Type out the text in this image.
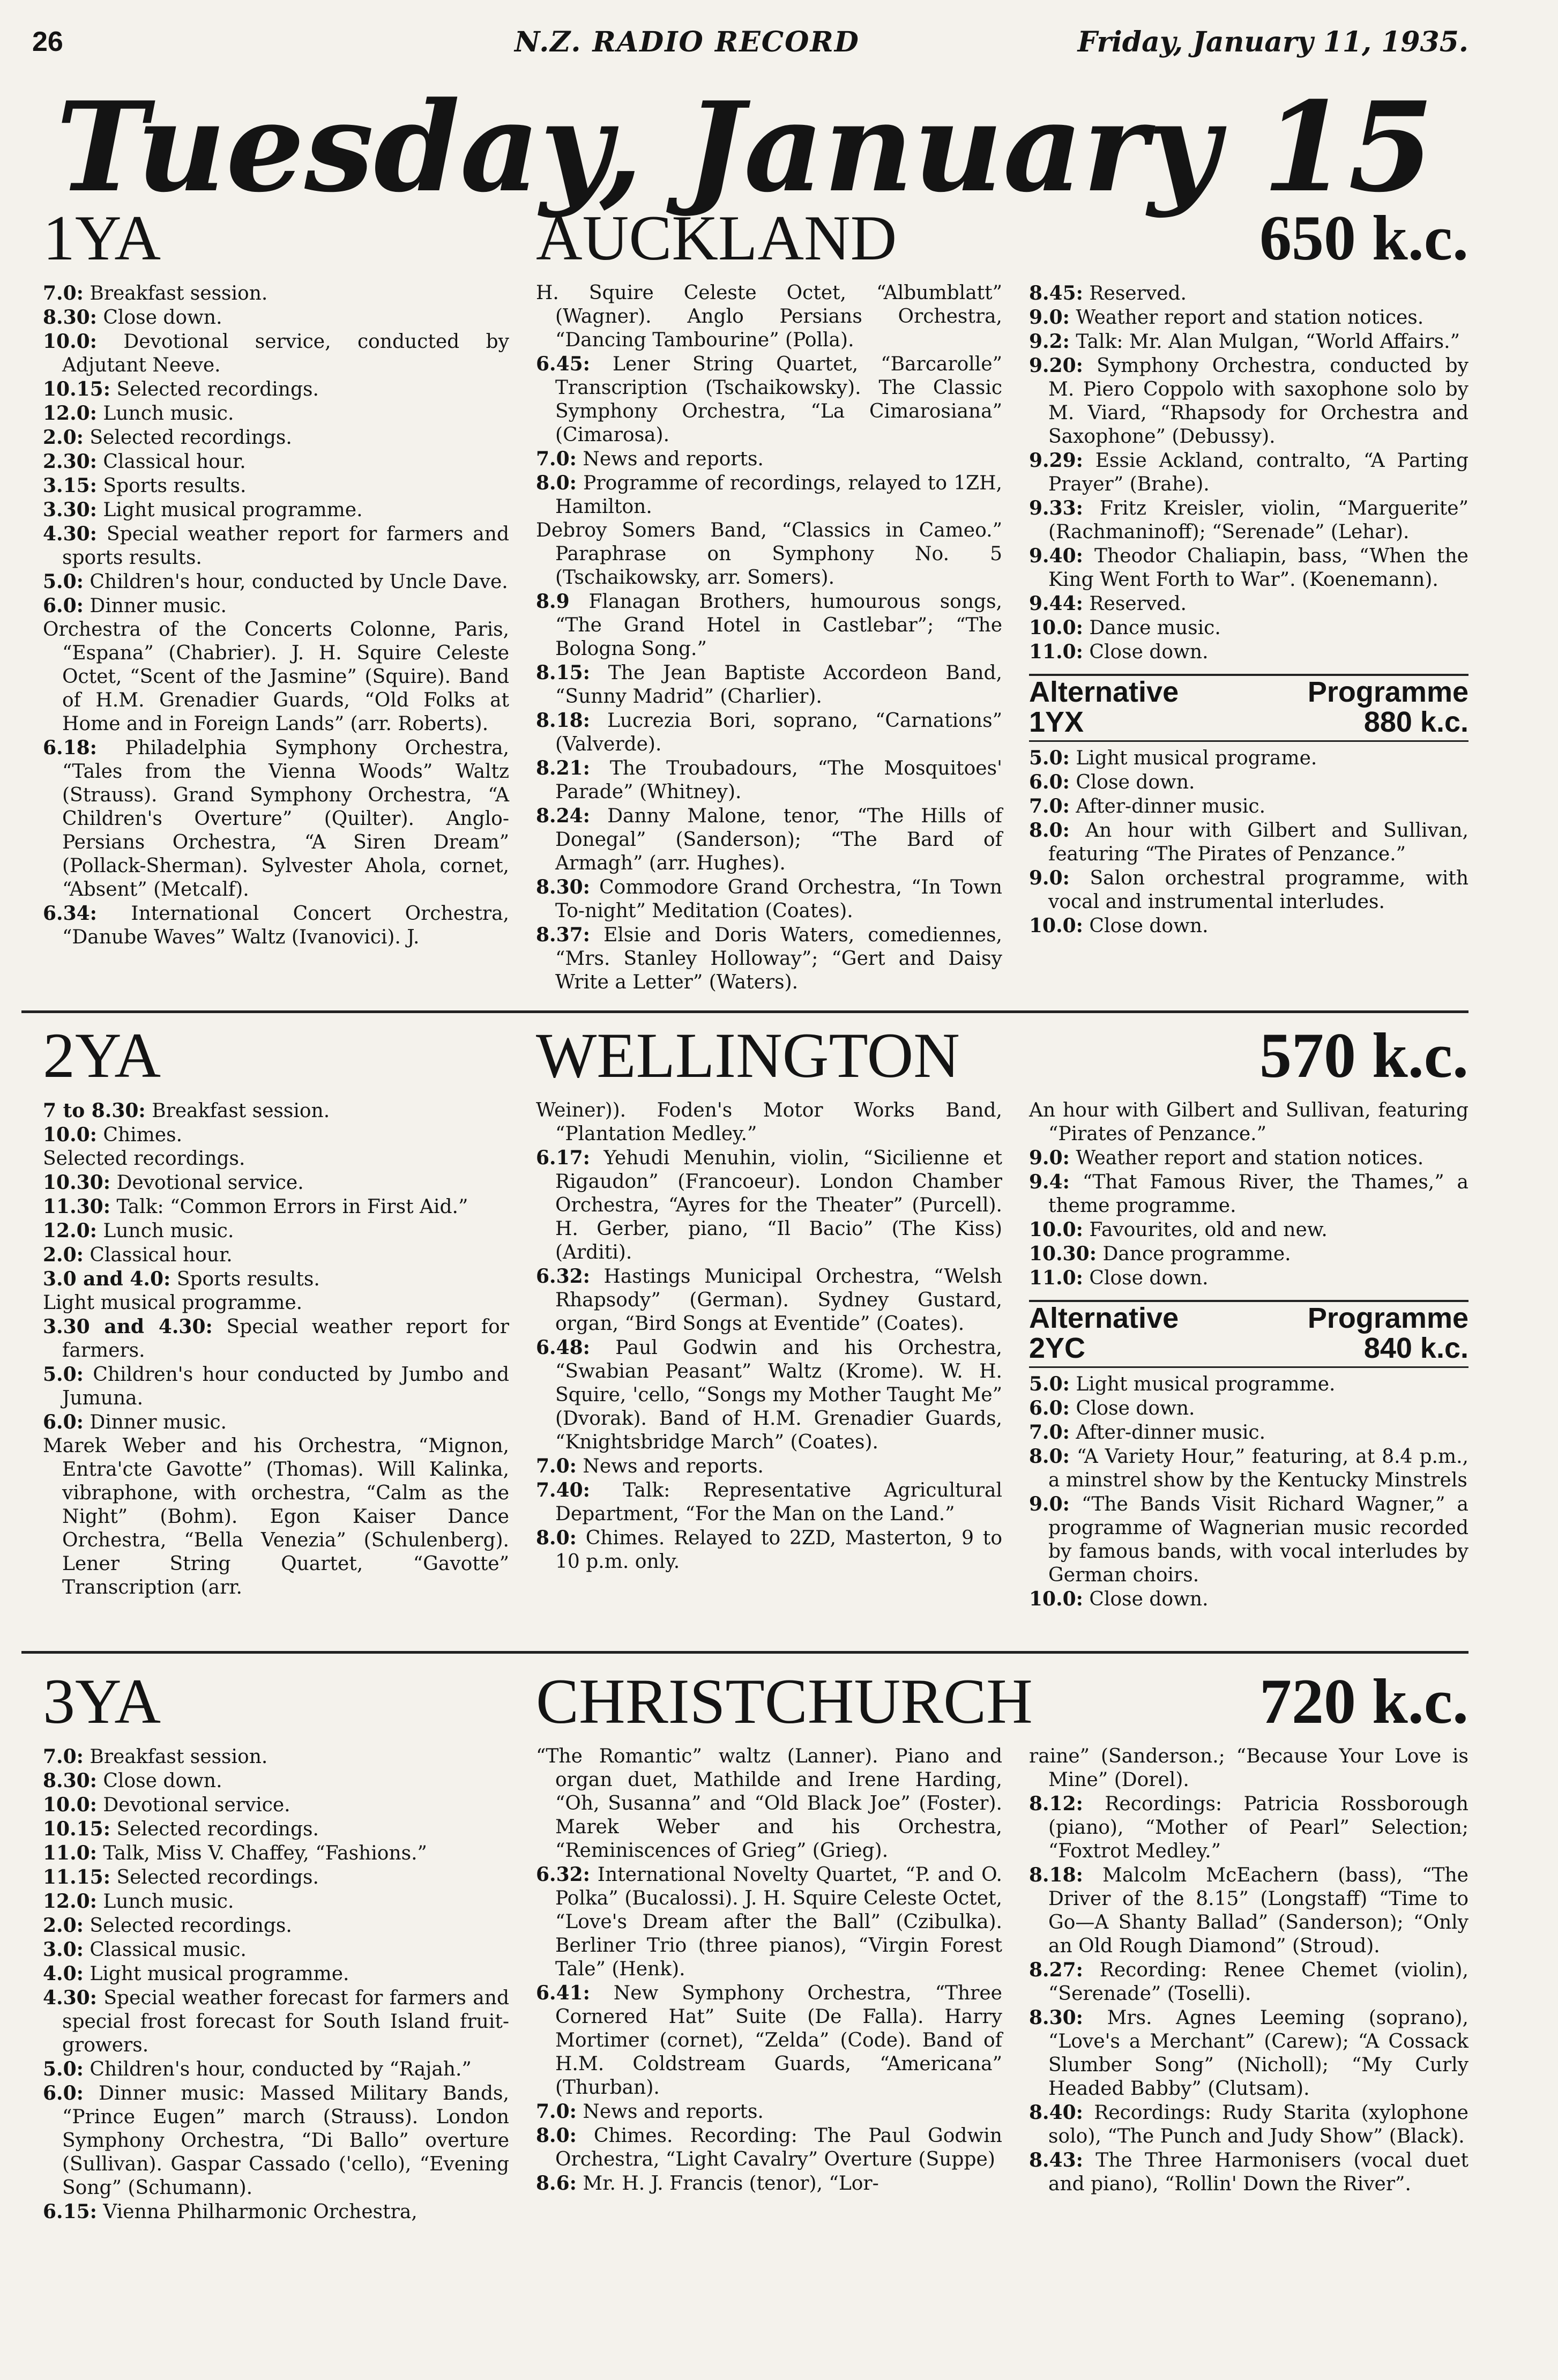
26	N.Z. RADIO RECORD	Friday, January 11, 1935.
Tuesday, January 15
1YA	AUCKLAND	650 k.c.

7.0: Breakfast session.

8.30: Close down.

10.0: Devotional service, conducted by Adjutant Neeve.

10.15: Selected recordings.

12.0: Lunch music.

2.0: Selected recordings.

2.30: Classical hour.

3.15: Sports results.

3.30: Light musical programme.

4.30: Special weather report for farmers and sports results.

5.0: Children's hour, conducted by Uncle Dave.

6.0: Dinner music.

Orchestra of the Concerts Colonne, Paris, “Espana” (Chabrier). J. H. Squire Celeste Octet, “Scent of the Jasmine” (Squire). Band of H.M. Grenadier Guards, “Old Folks at Home and in Foreign Lands” (arr. Roberts).

6.18: Philadelphia Symphony Orchestra, “Tales from the Vienna Woods” Waltz (Strauss). Grand Symphony Orchestra, “A Children's Overture” (Quilter). Anglo-Persians Orchestra, “A Siren Dream” (Pollack-Sherman). Sylvester Ahola, cornet, “Absent” (Metcalf).

6.34: International Concert Orchestra, “Danube Waves” Waltz (Ivanovici). J.

H. Squire Celeste Octet, “Albumblatt” (Wagner). Anglo Persians Orchestra, “Dancing Tambourine” (Polla).

6.45: Lener String Quartet, “Barcarolle” Transcription (Tschaikowsky). The Classic Symphony Orchestra, “La Cimarosiana” (Cimarosa).

7.0: News and reports.

8.0: Programme of recordings, relayed to 1ZH, Hamilton.

Debroy Somers Band, “Classics in Cameo.” Paraphrase on Symphony No. 5 (Tschaikowsky, arr. Somers).

8.9 Flanagan Brothers, humourous songs, “The Grand Hotel in Castlebar”; “The Bologna Song.”

8.15: The Jean Baptiste Accordeon Band, “Sunny Madrid” (Charlier).

8.18: Lucrezia Bori, soprano, “Carnations” (Valverde).

8.21: The Troubadours, “The Mosquitoes' Parade” (Whitney).

8.24: Danny Malone, tenor, “The Hills of Donegal” (Sanderson); “The Bard of Armagh” (arr. Hughes).

8.30: Commodore Grand Orchestra, “In Town To-night” Meditation (Coates).

8.37: Elsie and Doris Waters, comediennes, “Mrs. Stanley Holloway”; “Gert and Daisy Write a Letter” (Waters).

8.45: Reserved.

9.0: Weather report and station notices.

9.2: Talk: Mr. Alan Mulgan, “World Affairs.”

9.20: Symphony Orchestra, conducted by M. Piero Coppolo with saxophone solo by M. Viard, “Rhapsody for Orchestra and Saxophone” (Debussy).

9.29: Essie Ackland, contralto, “A Parting Prayer” (Brahe).

9.33: Fritz Kreisler, violin, “Marguerite” (Rachmaninoff); “Serenade” (Lehar).

9.40: Theodor Chaliapin, bass, “When the King Went Forth to War”. (Koenemann).

9.44: Reserved.

10.0: Dance music.

11.0: Close down.

Alternative	Programme
1YX	880 k.c.

5.0: Light musical programe.

6.0: Close down.

7.0: After-dinner music.

8.0: An hour with Gilbert and Sullivan, featuring “The Pirates of Penzance.”

9.0: Salon orchestral programme, with vocal and instrumental interludes.

10.0: Close down.

2YA	WELLINGTON	570 k.c.

7 to 8.30: Breakfast session.

10.0: Chimes.

Selected recordings.

10.30: Devotional service.

11.30: Talk: “Common Errors in First Aid.”

12.0: Lunch music.

2.0: Classical hour.

3.0 and 4.0: Sports results.

Light musical programme.

3.30 and 4.30: Special weather report for farmers.

5.0: Children's hour conducted by Jumbo and Jumuna.

6.0: Dinner music.

Marek Weber and his Orchestra, “Mignon, Entra'cte Gavotte” (Thomas). Will Kalinka, vibraphone, with orchestra, “Calm as the Night” (Bohm). Egon Kaiser Dance Orchestra, “Bella Venezia” (Schulenberg). Lener String Quartet, “Gavotte” Transcription (arr.

Weiner)). Foden's Motor Works Band, “Plantation Medley.”

6.17: Yehudi Menuhin, violin, “Sicilienne et Rigaudon” (Francoeur). London Chamber Orchestra, “Ayres for the Theater” (Purcell). H. Gerber, piano, “Il Bacio” (The Kiss) (Arditi).

6.32: Hastings Municipal Orchestra, “Welsh Rhapsody” (German). Sydney Gustard, organ, “Bird Songs at Eventide” (Coates).

6.48: Paul Godwin and his Orchestra, “Swabian Peasant” Waltz (Krome). W. H. Squire, 'cello, “Songs my Mother Taught Me” (Dvorak). Band of H.M. Grenadier Guards, “Knightsbridge March” (Coates).

7.0: News and reports.

7.40: Talk: Representative Agricultural Department, “For the Man on the Land.”

8.0: Chimes. Relayed to 2ZD, Masterton, 9 to 10 p.m. only.

An hour with Gilbert and Sullivan, featuring “Pirates of Penzance.”

9.0: Weather report and station notices.

9.4: “That Famous River, the Thames,” a theme programme.

10.0: Favourites, old and new.

10.30: Dance programme.

11.0: Close down.

Alternative	Programme
2YC	840 k.c.

5.0: Light musical programme.

6.0: Close down.

7.0: After-dinner music.

8.0: “A Variety Hour,” featuring, at 8.4 p.m., a minstrel show by the Kentucky Minstrels

9.0: “The Bands Visit Richard Wagner,” a programme of Wagnerian music recorded by famous bands, with vocal interludes by German choirs.

10.0: Close down.

3YA	CHRISTCHURCH	720 k.c.

7.0: Breakfast session.

8.30: Close down.

10.0: Devotional service.

10.15: Selected recordings.

11.0: Talk, Miss V. Chaffey, “Fashions.”

11.15: Selected recordings.

12.0: Lunch music.

2.0: Selected recordings.

3.0: Classical music.

4.0: Light musical programme.

4.30: Special weather forecast for farmers and special frost forecast for South Island fruit-growers.

5.0: Children's hour, conducted by “Rajah.”

6.0: Dinner music: Massed Military Bands, “Prince Eugen” march (Strauss). London Symphony Orchestra, “Di Ballo” overture (Sullivan). Gaspar Cassado ('cello), “Evening Song” (Schumann).

6.15: Vienna Philharmonic Orchestra,

“The Romantic” waltz (Lanner). Piano and organ duet, Mathilde and Irene Harding, “Oh, Susanna” and “Old Black Joe” (Foster). Marek Weber and his Orchestra, “Reminiscences of Grieg” (Grieg).

6.32: International Novelty Quartet, “P. and O. Polka” (Bucalossi). J. H. Squire Celeste Octet, “Love's Dream after the Ball” (Czibulka). Berliner Trio (three pianos), “Virgin Forest Tale” (Henk).

6.41: New Symphony Orchestra, “Three Cornered Hat” Suite (De Falla). Harry Mortimer (cornet), “Zelda” (Code). Band of H.M. Coldstream Guards, “Americana” (Thurban).

7.0: News and reports.

8.0: Chimes. Recording: The Paul Godwin Orchestra, “Light Cavalry” Overture (Suppe)

8.6: Mr. H. J. Francis (tenor), “Lor-

raine” (Sanderson.; “Because Your Love is Mine” (Dorel).

8.12: Recordings: Patricia Rossborough (piano), “Mother of Pearl” Selection; “Foxtrot Medley.”

8.18: Malcolm McEachern (bass), “The Driver of the 8.15” (Longstaff) “Time to Go—A Shanty Ballad” (Sanderson); “Only an Old Rough Diamond” (Stroud).

8.27: Recording: Renee Chemet (violin), “Serenade” (Toselli).

8.30: Mrs. Agnes Leeming (soprano), “Love's a Merchant” (Carew); “A Cossack Slumber Song” (Nicholl); “My Curly Headed Babby” (Clutsam).

8.40: Recordings: Rudy Starita (xylophone solo), “The Punch and Judy Show” (Black).

8.43: The Three Harmonisers (vocal duet and piano), “Rollin' Down the River”.
